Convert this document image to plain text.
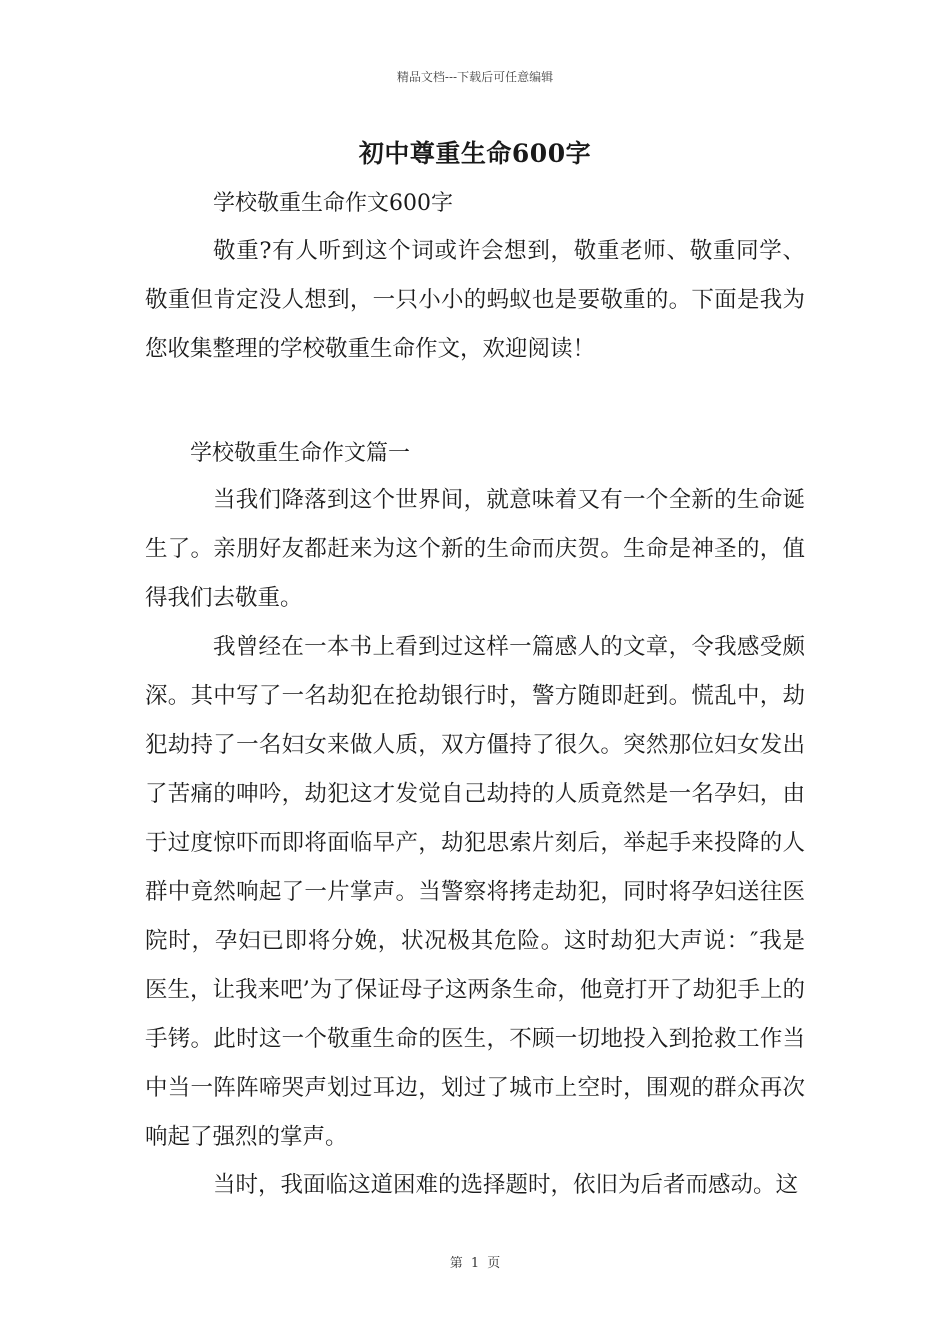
精品文档---下载后可任意编辑
初中尊重生命600字
学校敬重生命作文600字

敬重?有人听到这个词或许会想到，敬重老师、敬重同学、敬重但肯定没人想到，一只小小的蚂蚁也是要敬重的。下面是我为您收集整理的学校敬重生命作文，欢迎阅读！

学校敬重生命作文篇一

当我们降落到这个世界间，就意味着又有一个全新的生命诞生了。亲朋好友都赶来为这个新的生命而庆贺。生命是神圣的，值得我们去敬重。

我曾经在一本书上看到过这样一篇感人的文章，令我感受颇深。其中写了一名劫犯在抢劫银行时，警方随即赶到。慌乱中，劫犯劫持了一名妇女来做人质，双方僵持了很久。突然那位妇女发出了苦痛的呻吟，劫犯这才发觉自己劫持的人质竟然是一名孕妇，由于过度惊吓而即将面临早产，劫犯思索片刻后，举起手来投降的人群中竟然响起了一片掌声。当警察将拷走劫犯，同时将孕妇送往医院时，孕妇已即将分娩，状况极其危险。这时劫犯大声说：″我是医生，让我来吧’为了保证母子这两条生命，他竟打开了劫犯手上的手铐。此时这一个敬重生命的医生，不顾一切地投入到抢救工作当中当一阵阵啼哭声划过耳边，划过了城市上空时，围观的群众再次响起了强烈的掌声。

当时，我面临这道困难的选择题时，依旧为后者而感动。这

第 1 页
